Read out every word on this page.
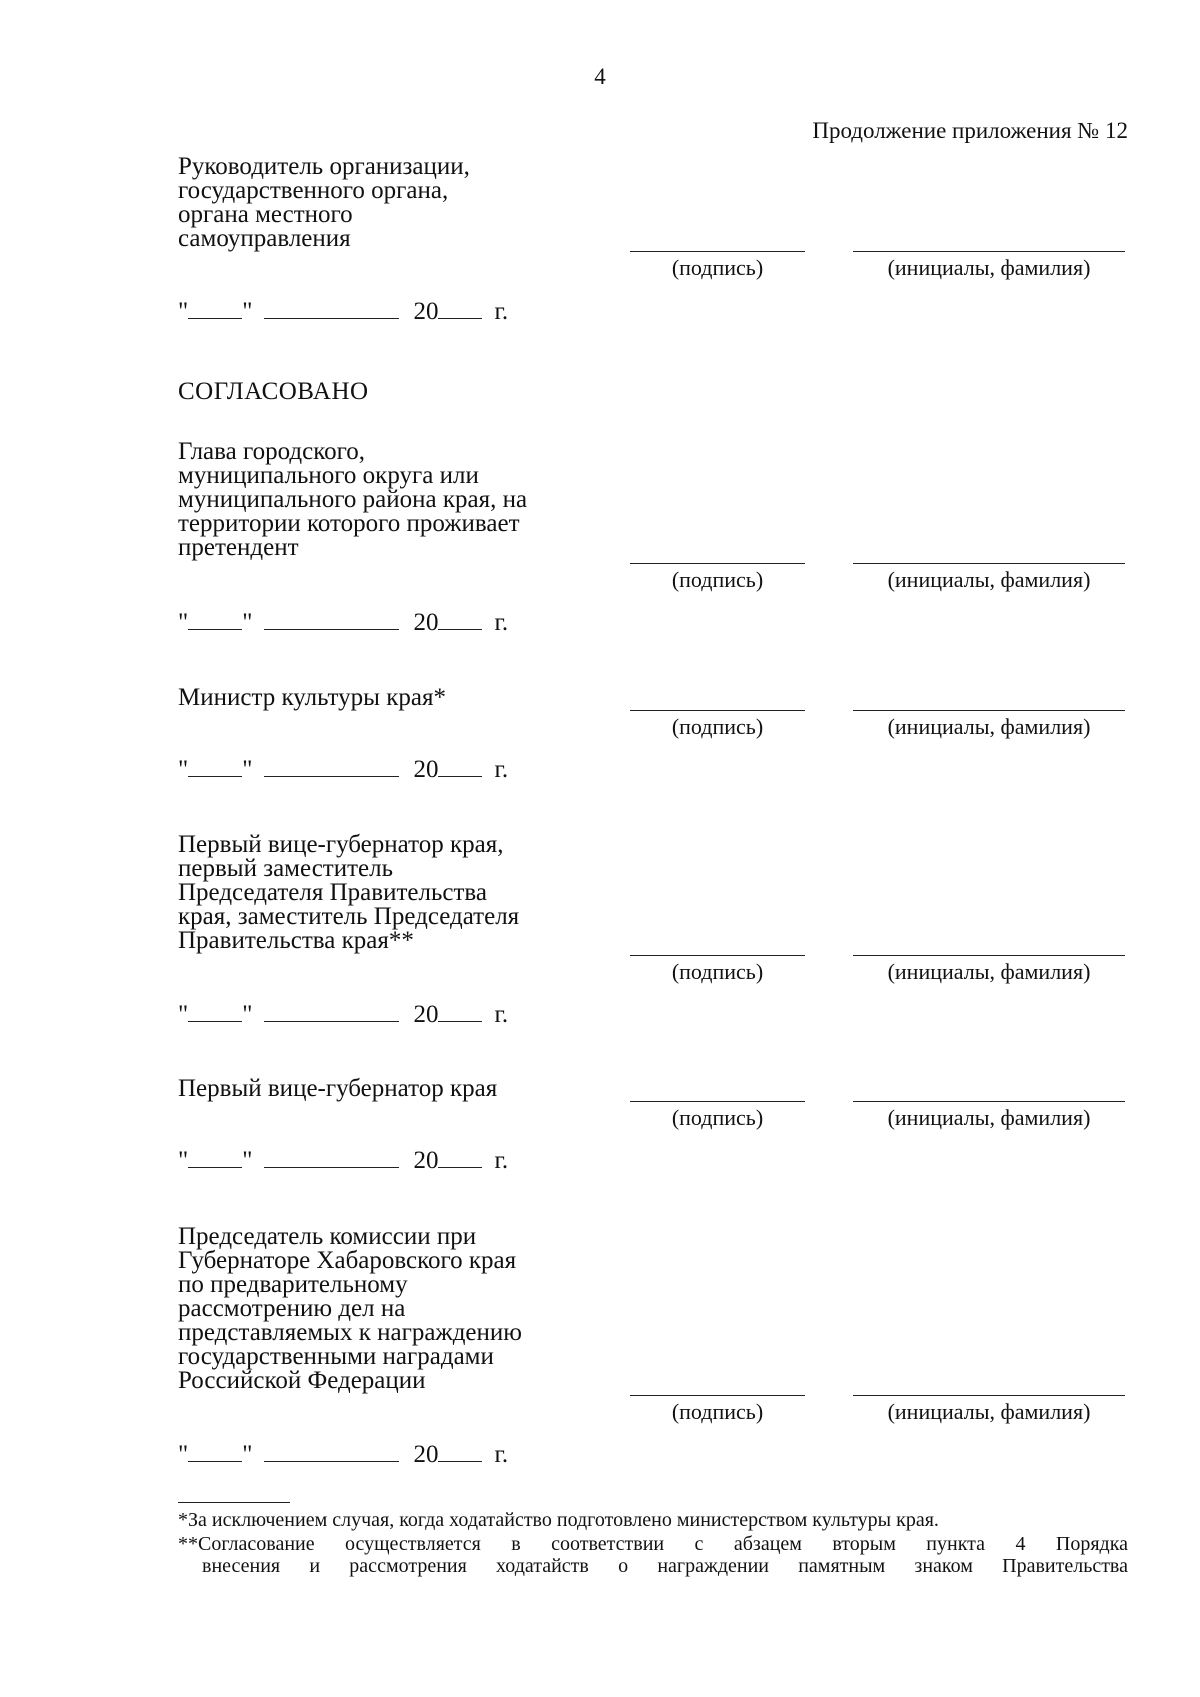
4
Продолжение приложения № 12
Руководитель организации,
государственного органа,
органа местного
самоуправления
(подпись)	(инициалы, фамилия)
" "	20 г.
СОГЛАСОВАНО
Глава городского,
муниципального округа или
муниципального района края, на
территории которого проживает
претендент
(подпись)	(инициалы, фамилия)
" "	20 г.
Министр культуры края*
(подпись)	(инициалы, фамилия)
" "	20 г.
Первый вице-губернатор края,
первый заместитель
Председателя Правительства
края, заместитель Председателя
Правительства края**
(подпись)	(инициалы, фамилия)
" "	20 г.
Первый вице-губернатор края
(подпись)	(инициалы, фамилия)
" "	20 г.
Председатель комиссии при
Губернаторе Хабаровского края
по предварительному
рассмотрению дел на
представляемых к награждению
государственными наградами
Российской Федерации
(подпись)	(инициалы, фамилия)
" "	20 г.
*За исключением случая, когда ходатайство подготовлено министерством культуры края.
**Согласование осуществляется в соответствии с абзацем вторым пункта 4 Порядка
внесения и рассмотрения ходатайств о награждении памятным знаком Правительства
